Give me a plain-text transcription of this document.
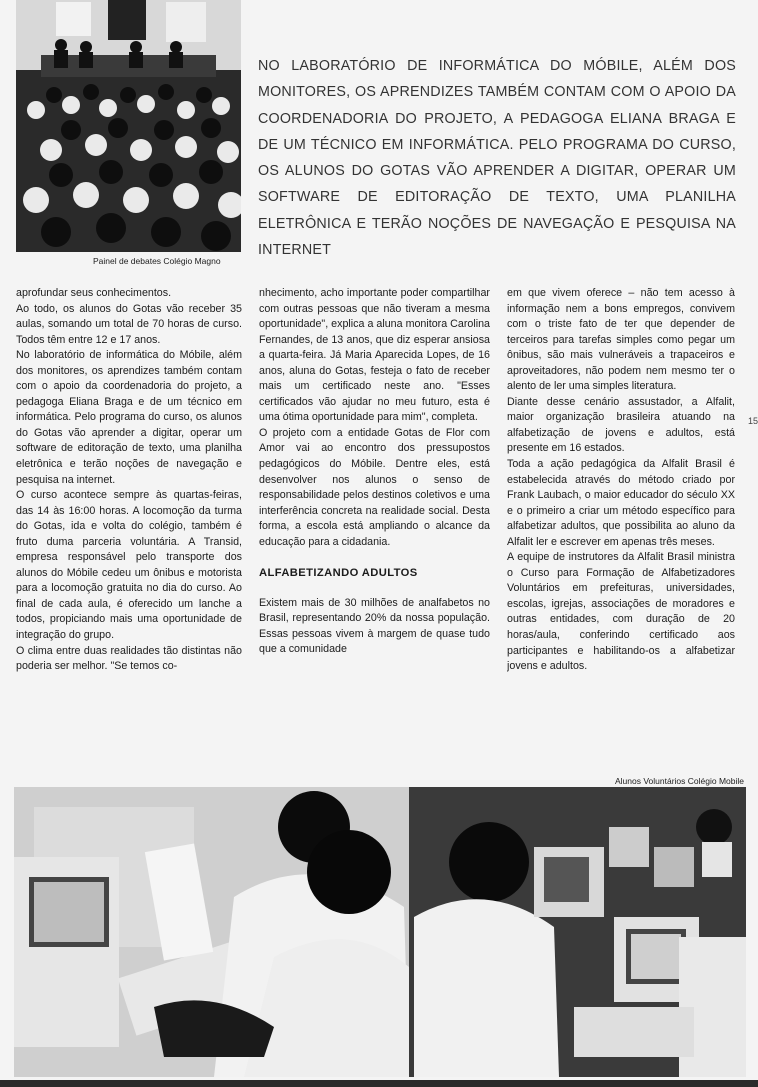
Painel de debates Colégio Magno
NO LABORATÓRIO DE INFORMÁTICA DO MÓBILE, ALÉM DOS MONITORES, OS APRENDIZES TAMBÉM CONTAM COM O APOIO DA COORDENADORIA DO PROJETO, A PEDAGOGA ELIANA BRAGA E DE UM TÉCNICO EM INFORMÁTICA. PELO PROGRAMA DO CURSO, OS ALUNOS DO GOTAS VÃO APRENDER A DIGITAR, OPERAR UM SOFTWARE DE EDITORAÇÃO DE TEXTO, UMA PLANILHA ELETRÔNICA E TERÃO NOÇÕES DE NAVEGAÇÃO E PESQUISA NA INTERNET

aprofundar seus conhecimentos.

Ao todo, os alunos do Gotas vão receber 35 aulas, somando um total de 70 horas de curso. Todos têm entre 12 e 17 anos.

No laboratório de informática do Móbile, além dos monitores, os aprendizes também contam com o apoio da coordenadoria do projeto, a pedagoga Eliana Braga e de um técnico em informática. Pelo programa do curso, os alunos do Gotas vão aprender a digitar, operar um software de editoração de texto, uma planilha eletrônica e terão noções de navegação e pesquisa na internet.

O curso acontece sempre às quartas-feiras, das 14 às 16:00 horas. A locomoção da turma do Gotas, ida e volta do colégio, também é fruto duma parceria voluntária. A Transid, empresa responsável pelo transporte dos alunos do Móbile cedeu um ônibus e motorista para a locomoção gratuita no dia do curso. Ao final de cada aula, é oferecido um lanche a todos, propiciando mais uma oportunidade de integração do grupo.

O clima entre duas realidades tão distintas não poderia ser melhor. "Se temos co-

nhecimento, acho importante poder compartilhar com outras pessoas que não tiveram a mesma oportunidade", explica a aluna monitora Carolina Fernandes, de 13 anos, que diz esperar ansiosa a quarta-feira. Já Maria Aparecida Lopes, de 16 anos, aluna do Gotas, festeja o fato de receber mais um certificado neste ano. "Esses certificados vão ajudar no meu futuro, esta é uma ótima oportunidade para mim", completa.

O projeto com a entidade Gotas de Flor com Amor vai ao encontro dos pressupostos pedagógicos do Móbile. Dentre eles, está desenvolver nos alunos o senso de responsabilidade pelos destinos coletivos e uma interferência concreta na realidade social. Desta forma, a escola está ampliando o alcance da educação para a cidadania.

ALFABETIZANDO ADULTOS

Existem mais de 30 milhões de analfabetos no Brasil, representando 20% da nossa população. Essas pessoas vivem à margem de quase tudo que a comunidade

em que vivem oferece – não tem acesso à informação nem a bons empregos, convivem com o triste fato de ter que depender de terceiros para tarefas simples como pegar um ônibus, são mais vulneráveis a trapaceiros e aproveitadores, não podem nem mesmo ter o alento de ler uma simples literatura.

Diante desse cenário assustador, a Alfalit, maior organização brasileira atuando na alfabetização de jovens e adultos, está presente em 16 estados.

Toda a ação pedagógica da Alfalit Brasil é estabelecida através do método criado por Frank Laubach, o maior educador do século XX e o primeiro a criar um método específico para alfabetizar adultos, que possibilita ao aluno da Alfalit ler e escrever em apenas três meses.

A equipe de instrutores da Alfalit Brasil ministra o Curso para Formação de Alfabetizadores Voluntários em prefeituras, universidades, escolas, igrejas, associações de moradores e outras entidades, com duração de 20 horas/aula, conferindo certificado aos participantes e habilitando-os a alfabetizar jovens e adultos.

15
Alunos Voluntários Colégio Mobile
